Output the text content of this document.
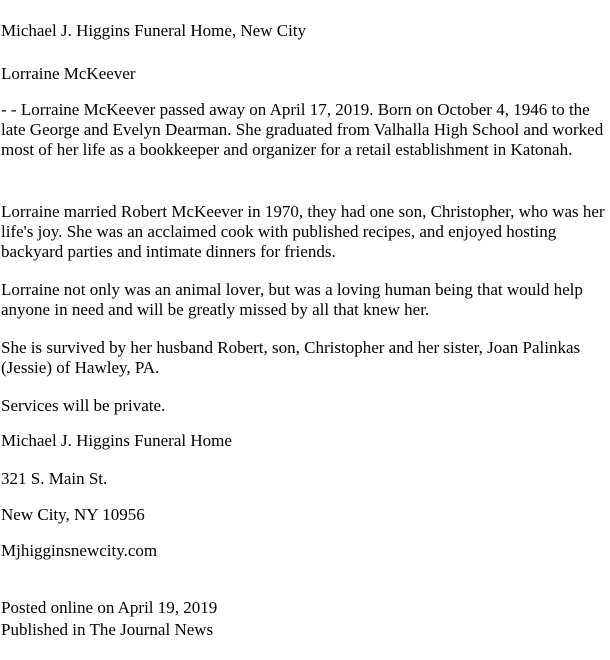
Michael J. Higgins Funeral Home, New City

Lorraine McKeever

- - Lorraine McKeever passed away on April 17, 2019. Born on October 4, 1946 to the late George and Evelyn Dearman. She graduated from Valhalla High School and worked most of her life as a bookkeeper and organizer for a retail establishment in Katonah.

Lorraine married Robert McKeever in 1970, they had one son, Christopher, who was her life's joy. She was an acclaimed cook with published recipes, and enjoyed hosting backyard parties and intimate dinners for friends.

Lorraine not only was an animal lover, but was a loving human being that would help anyone in need and will be greatly missed by all that knew her.

She is survived by her husband Robert, son, Christopher and her sister, Joan Palinkas (Jessie) of Hawley, PA.

Services will be private.

Michael J. Higgins Funeral Home

321 S. Main St.

New City, NY 10956

Mjhigginsnewcity.com

Posted online on April 19, 2019

Published in The Journal News
